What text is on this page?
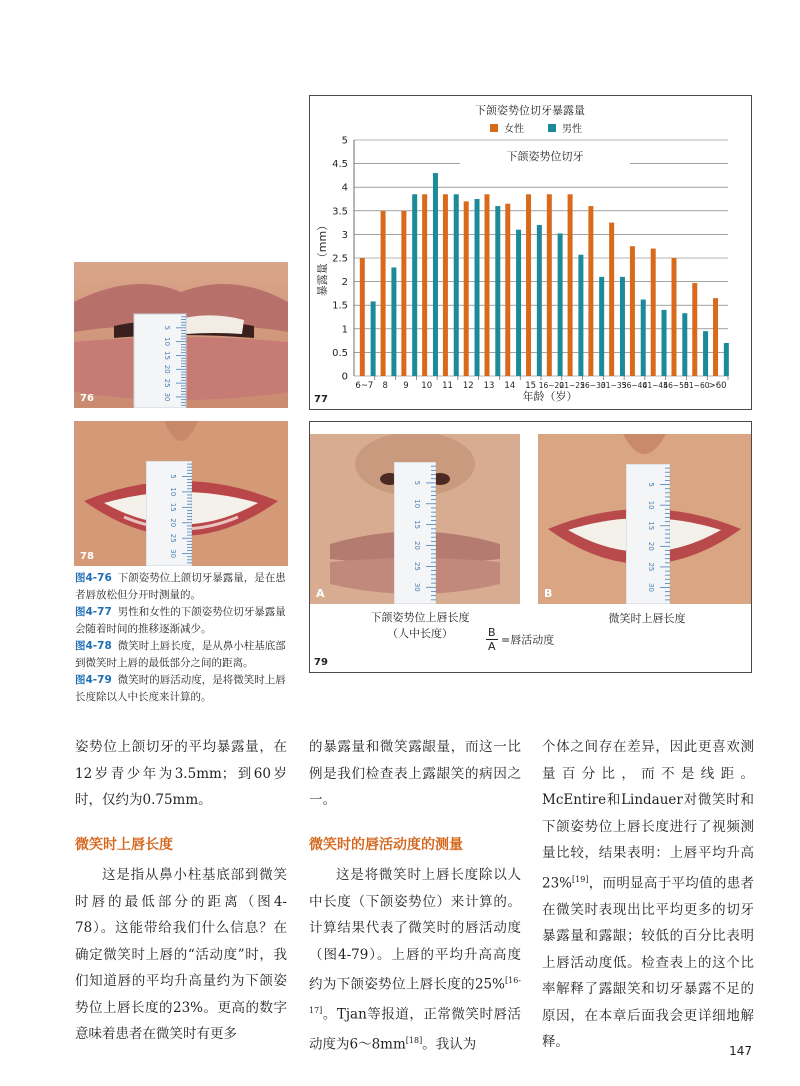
5
10
15
20
25
30
76
5
10
15
20
25
30
78
下颌姿势位切牙暴露量
女性	男性
0
0.5
1
1.5
2
2.5
3
3.5
4
4.5
5
下颌姿势位切牙
6~7 8 9 10 11 12 13 14 15 16~20
21~25
26~30
31~35
36~40
41~45
46~50
51~60 >60
年龄（岁）
暴露量（mm）
77

图4-76 下颌姿势位上颌切牙暴露量，是在患者唇放松但分开时测量的。

图4-77 男性和女性的下颌姿势位切牙暴露量会随着时间的推移逐渐减少。

图4-78 微笑时上唇长度，是从鼻小柱基底部到微笑时上唇的最低部分之间的距离。

图4-79 微笑时的唇活动度，是将微笑时上唇长度除以人中长度来计算的。

5
10
15
20
25
30
A
5
10
15
20
25
30
B
下颌姿势位上唇长度
（人中长度）
微笑时上唇长度
$\frac{B}{A}$ =唇活动度
79

姿势位上颌切牙的平均暴露量，在12岁青少年为3.5mm；到60岁时，仅约为0.75mm。

微笑时上唇长度

这是指从鼻小柱基底部到微笑时唇的最低部分的距离（图4-78）。这能带给我们什么信息？在确定微笑时上唇的“活动度”时，我们知道唇的平均升高量约为下颌姿势位上唇长度的23%。更高的数字意味着患者在微笑时有更多

的暴露量和微笑露龈量，而这一比例是我们检查表上露龈笑的病因之一。

微笑时的唇活动度的测量

这是将微笑时上唇长度除以人中长度（下颌姿势位）来计算的。计算结果代表了微笑时的唇活动度（图4-79）。上唇的平均升高高度约为下颌姿势位上唇长度的25%[16-17]。Tjan等报道，正常微笑时唇活动度为6～8mm[18]。我认为

个体之间存在差异，因此更喜欢测量百分比，而不是线距。McEntire和Lindauer对微笑时和下颌姿势位上唇长度进行了视频测量比较，结果表明：上唇平均升高23%[19]，而明显高于平均值的患者在微笑时表现出比平均更多的切牙暴露量和露龈；较低的百分比表明上唇活动度低。检查表上的这个比率解释了露龈笑和切牙暴露不足的原因，在本章后面我会更详细地解释。

147
